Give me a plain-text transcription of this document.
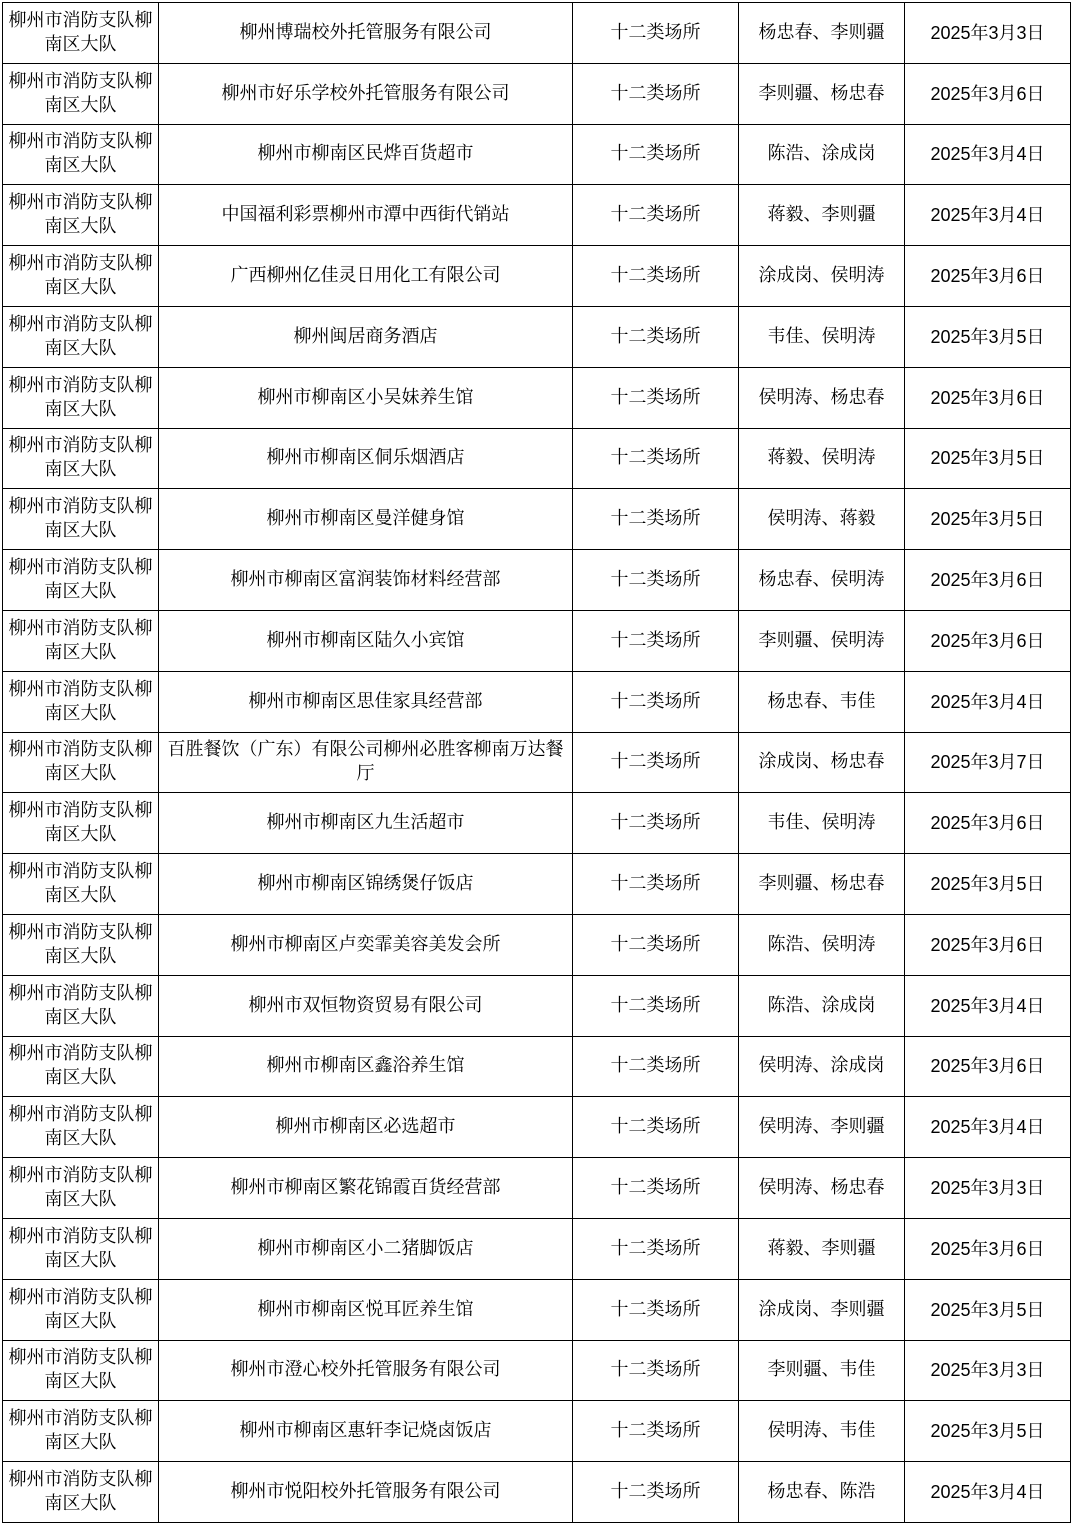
柳州市消防支队柳南区大队	柳州博瑞校外托管服务有限公司	十二类场所	杨忠春、李则疆	2025年3月3日
柳州市消防支队柳南区大队	柳州市好乐学校外托管服务有限公司	十二类场所	李则疆、杨忠春	2025年3月6日
柳州市消防支队柳南区大队	柳州市柳南区民烨百货超市	十二类场所	陈浩、涂成岗	2025年3月4日
柳州市消防支队柳南区大队	中国福利彩票柳州市潭中西街代销站	十二类场所	蒋毅、李则疆	2025年3月4日
柳州市消防支队柳南区大队	广西柳州亿佳灵日用化工有限公司	十二类场所	涂成岗、侯明涛	2025年3月6日
柳州市消防支队柳南区大队	柳州闽居商务酒店	十二类场所	韦佳、侯明涛	2025年3月5日
柳州市消防支队柳南区大队	柳州市柳南区小吴妹养生馆	十二类场所	侯明涛、杨忠春	2025年3月6日
柳州市消防支队柳南区大队	柳州市柳南区侗乐烟酒店	十二类场所	蒋毅、侯明涛	2025年3月5日
柳州市消防支队柳南区大队	柳州市柳南区曼洋健身馆	十二类场所	侯明涛、蒋毅	2025年3月5日
柳州市消防支队柳南区大队	柳州市柳南区富润装饰材料经营部	十二类场所	杨忠春、侯明涛	2025年3月6日
柳州市消防支队柳南区大队	柳州市柳南区陆久小宾馆	十二类场所	李则疆、侯明涛	2025年3月6日
柳州市消防支队柳南区大队	柳州市柳南区思佳家具经营部	十二类场所	杨忠春、韦佳	2025年3月4日
柳州市消防支队柳南区大队	百胜餐饮（广东）有限公司柳州必胜客柳南万达餐厅	十二类场所	涂成岗、杨忠春	2025年3月7日
柳州市消防支队柳南区大队	柳州市柳南区九生活超市	十二类场所	韦佳、侯明涛	2025年3月6日
柳州市消防支队柳南区大队	柳州市柳南区锦绣煲仔饭店	十二类场所	李则疆、杨忠春	2025年3月5日
柳州市消防支队柳南区大队	柳州市柳南区卢奕霏美容美发会所	十二类场所	陈浩、侯明涛	2025年3月6日
柳州市消防支队柳南区大队	柳州市双恒物资贸易有限公司	十二类场所	陈浩、涂成岗	2025年3月4日
柳州市消防支队柳南区大队	柳州市柳南区鑫浴养生馆	十二类场所	侯明涛、涂成岗	2025年3月6日
柳州市消防支队柳南区大队	柳州市柳南区必选超市	十二类场所	侯明涛、李则疆	2025年3月4日
柳州市消防支队柳南区大队	柳州市柳南区繁花锦霞百货经营部	十二类场所	侯明涛、杨忠春	2025年3月3日
柳州市消防支队柳南区大队	柳州市柳南区小二猪脚饭店	十二类场所	蒋毅、李则疆	2025年3月6日
柳州市消防支队柳南区大队	柳州市柳南区悦耳匠养生馆	十二类场所	涂成岗、李则疆	2025年3月5日
柳州市消防支队柳南区大队	柳州市澄心校外托管服务有限公司	十二类场所	李则疆、韦佳	2025年3月3日
柳州市消防支队柳南区大队	柳州市柳南区惠轩李记烧卤饭店	十二类场所	侯明涛、韦佳	2025年3月5日
柳州市消防支队柳南区大队	柳州市悦阳校外托管服务有限公司	十二类场所	杨忠春、陈浩	2025年3月4日
